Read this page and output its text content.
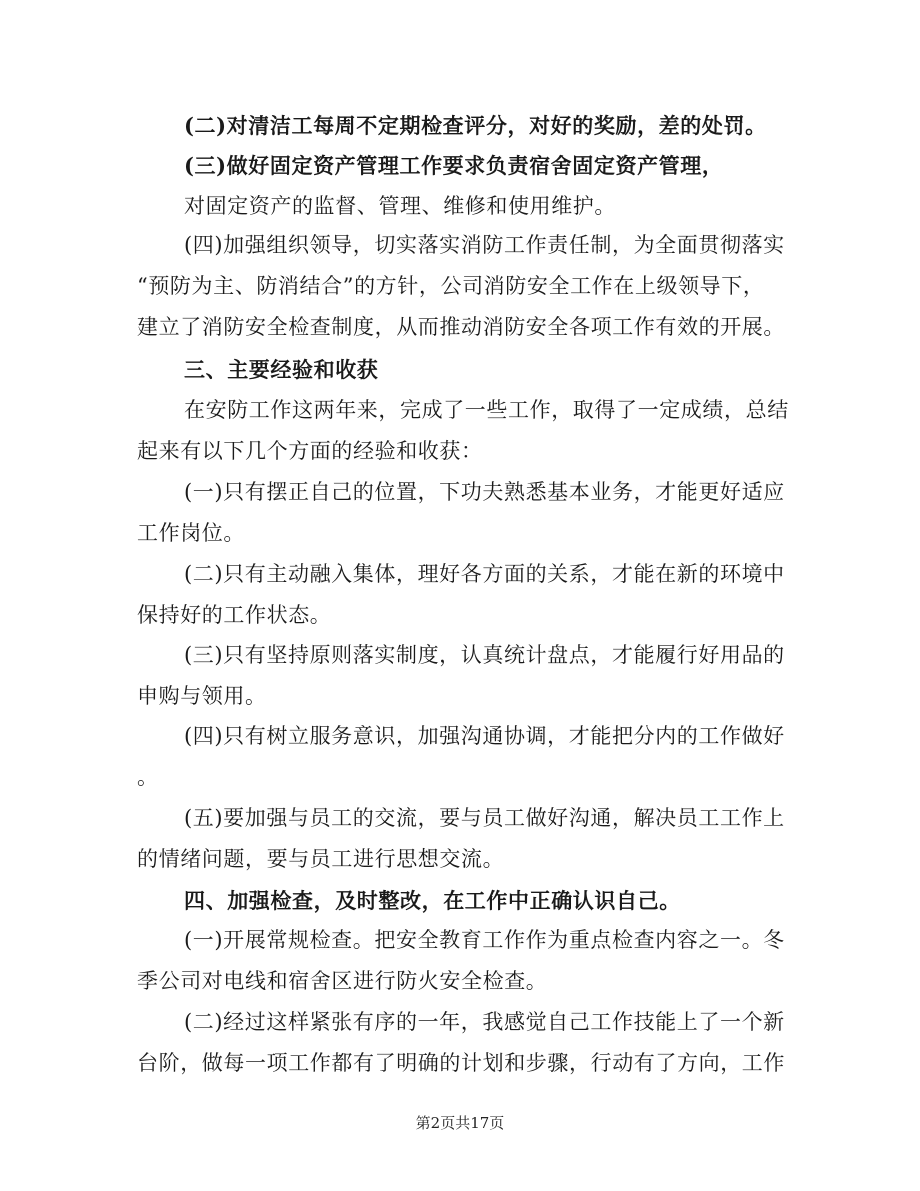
(二)对清洁工每周不定期检查评分，对好的奖励，差的处罚。

(三)做好固定资产管理工作要求负责宿舍固定资产管理，

对固定资产的监督、管理、维修和使用维护。

(四)加强组织领导，切实落实消防工作责任制，为全面贯彻落实
“预防为主、防消结合”的方针，公司消防安全工作在上级领导下，
建立了消防安全检查制度，从而推动消防安全各项工作有效的开展。

三、主要经验和收获

在安防工作这两年来，完成了一些工作，取得了一定成绩，总结
起来有以下几个方面的经验和收获：

(一)只有摆正自己的位置，下功夫熟悉基本业务，才能更好适应
工作岗位。

(二)只有主动融入集体，理好各方面的关系，才能在新的环境中
保持好的工作状态。

(三)只有坚持原则落实制度，认真统计盘点，才能履行好用品的
申购与领用。

(四)只有树立服务意识，加强沟通协调，才能把分内的工作做好
。

(五)要加强与员工的交流，要与员工做好沟通，解决员工工作上
的情绪问题，要与员工进行思想交流。

四、加强检查，及时整改，在工作中正确认识自己。

(一)开展常规检查。把安全教育工作作为重点检查内容之一。冬
季公司对电线和宿舍区进行防火安全检查。

(二)经过这样紧张有序的一年，我感觉自己工作技能上了一个新
台阶，做每一项工作都有了明确的计划和步骤，行动有了方向，工作

第2页共17页
